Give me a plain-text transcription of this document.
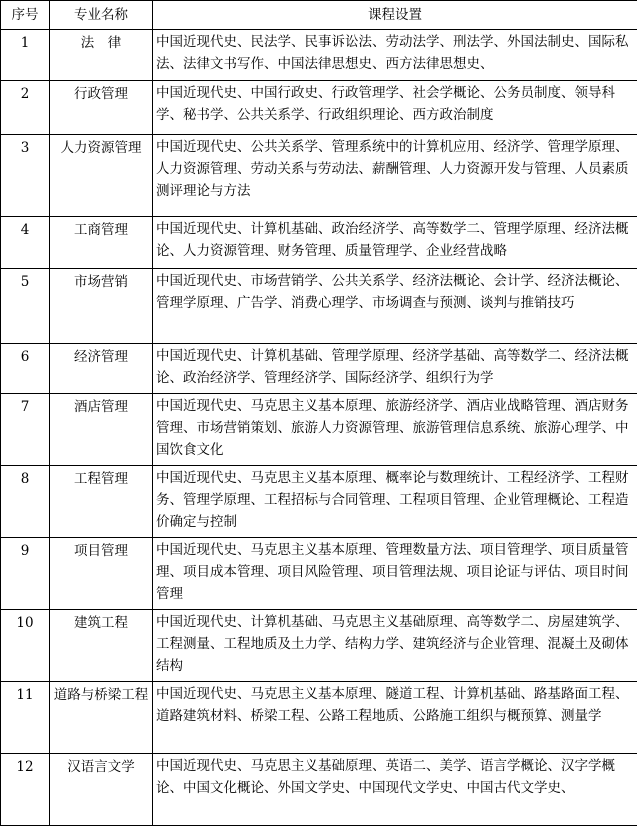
序号	专业名称	课程设置
1	法　律	中国近现代史、民法学、民事诉讼法、劳动法学、刑法学、外国法制史、国际私法、法律文书写作、中国法律思想史、西方法律思想史、
2	行政管理	中国近现代史、中国行政史、行政管理学、社会学概论、公务员制度、领导科学、秘书学、公共关系学、行政组织理论、西方政治制度
3	人力资源管理	中国近现代史、公共关系学、管理系统中的计算机应用、经济学、管理学原理、人力资源管理、劳动关系与劳动法、薪酬管理、人力资源开发与管理、人员素质测评理论与方法
4	工商管理	中国近现代史、计算机基础、政治经济学、高等数学二、管理学原理、经济法概论、人力资源管理、财务管理、质量管理学、企业经营战略
5	市场营销	中国近现代史、市场营销学、公共关系学、经济法概论、会计学、经济法概论、管理学原理、广告学、消费心理学、市场调查与预测、谈判与推销技巧
6	经济管理	中国近现代史、计算机基础、管理学原理、经济学基础、高等数学二、经济法概论、政治经济学、管理经济学、国际经济学、组织行为学
7	酒店管理	中国近现代史、马克思主义基本原理、旅游经济学、酒店业战略管理、酒店财务管理、市场营销策划、旅游人力资源管理、旅游管理信息系统、旅游心理学、中国饮食文化
8	工程管理	中国近现代史、马克思主义基本原理、概率论与数理统计、工程经济学、工程财务、管理学原理、工程招标与合同管理、工程项目管理、企业管理概论、工程造价确定与控制
9	项目管理	中国近现代史、马克思主义基本原理、管理数量方法、项目管理学、项目质量管理、项目成本管理、项目风险管理、项目管理法规、项目论证与评估、项目时间管理
10	建筑工程	中国近现代史、计算机基础、马克思主义基础原理、高等数学二、房屋建筑学、工程测量、工程地质及土力学、结构力学、建筑经济与企业管理、混凝土及砌体结构
11	道路与桥梁工程	中国近现代史、马克思主义基本原理、隧道工程、计算机基础、路基路面工程、道路建筑材料、桥梁工程、公路工程地质、公路施工组织与概预算、测量学
12	汉语言文学	中国近现代史、马克思主义基础原理、英语二、美学、语言学概论、汉字学概论、中国文化概论、外国文学史、中国现代文学史、中国古代文学史、
